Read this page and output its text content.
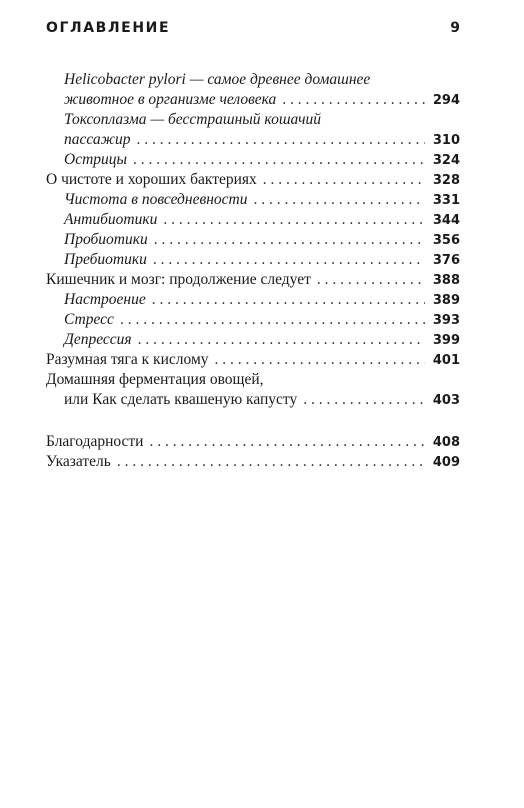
ОГЛАВЛЕНИЕ	9
Helicobacter pylori — самое древнее домашнее
животное в организме человека . . .	294
Токсоплазма — бесстрашный кошачий
пассажир . . .	310
Острицы . . .	324
О чистоте и хороших бактериях . . .	328
Чистота в повседневности . . .	331
Антибиотики . . .	344
Пробиотики . . .	356
Пребиотики . . .	376
Кишечник и мозг: продолжение следует . . .	388
Настроение . . .	389
Стресс . . .	393
Депрессия . . .	399
Разумная тяга к кислому . . .	401
Домашняя ферментация овощей,
или Как сделать квашеную капусту . . .	403
Благодарности . . .	408
Указатель . . .	409
